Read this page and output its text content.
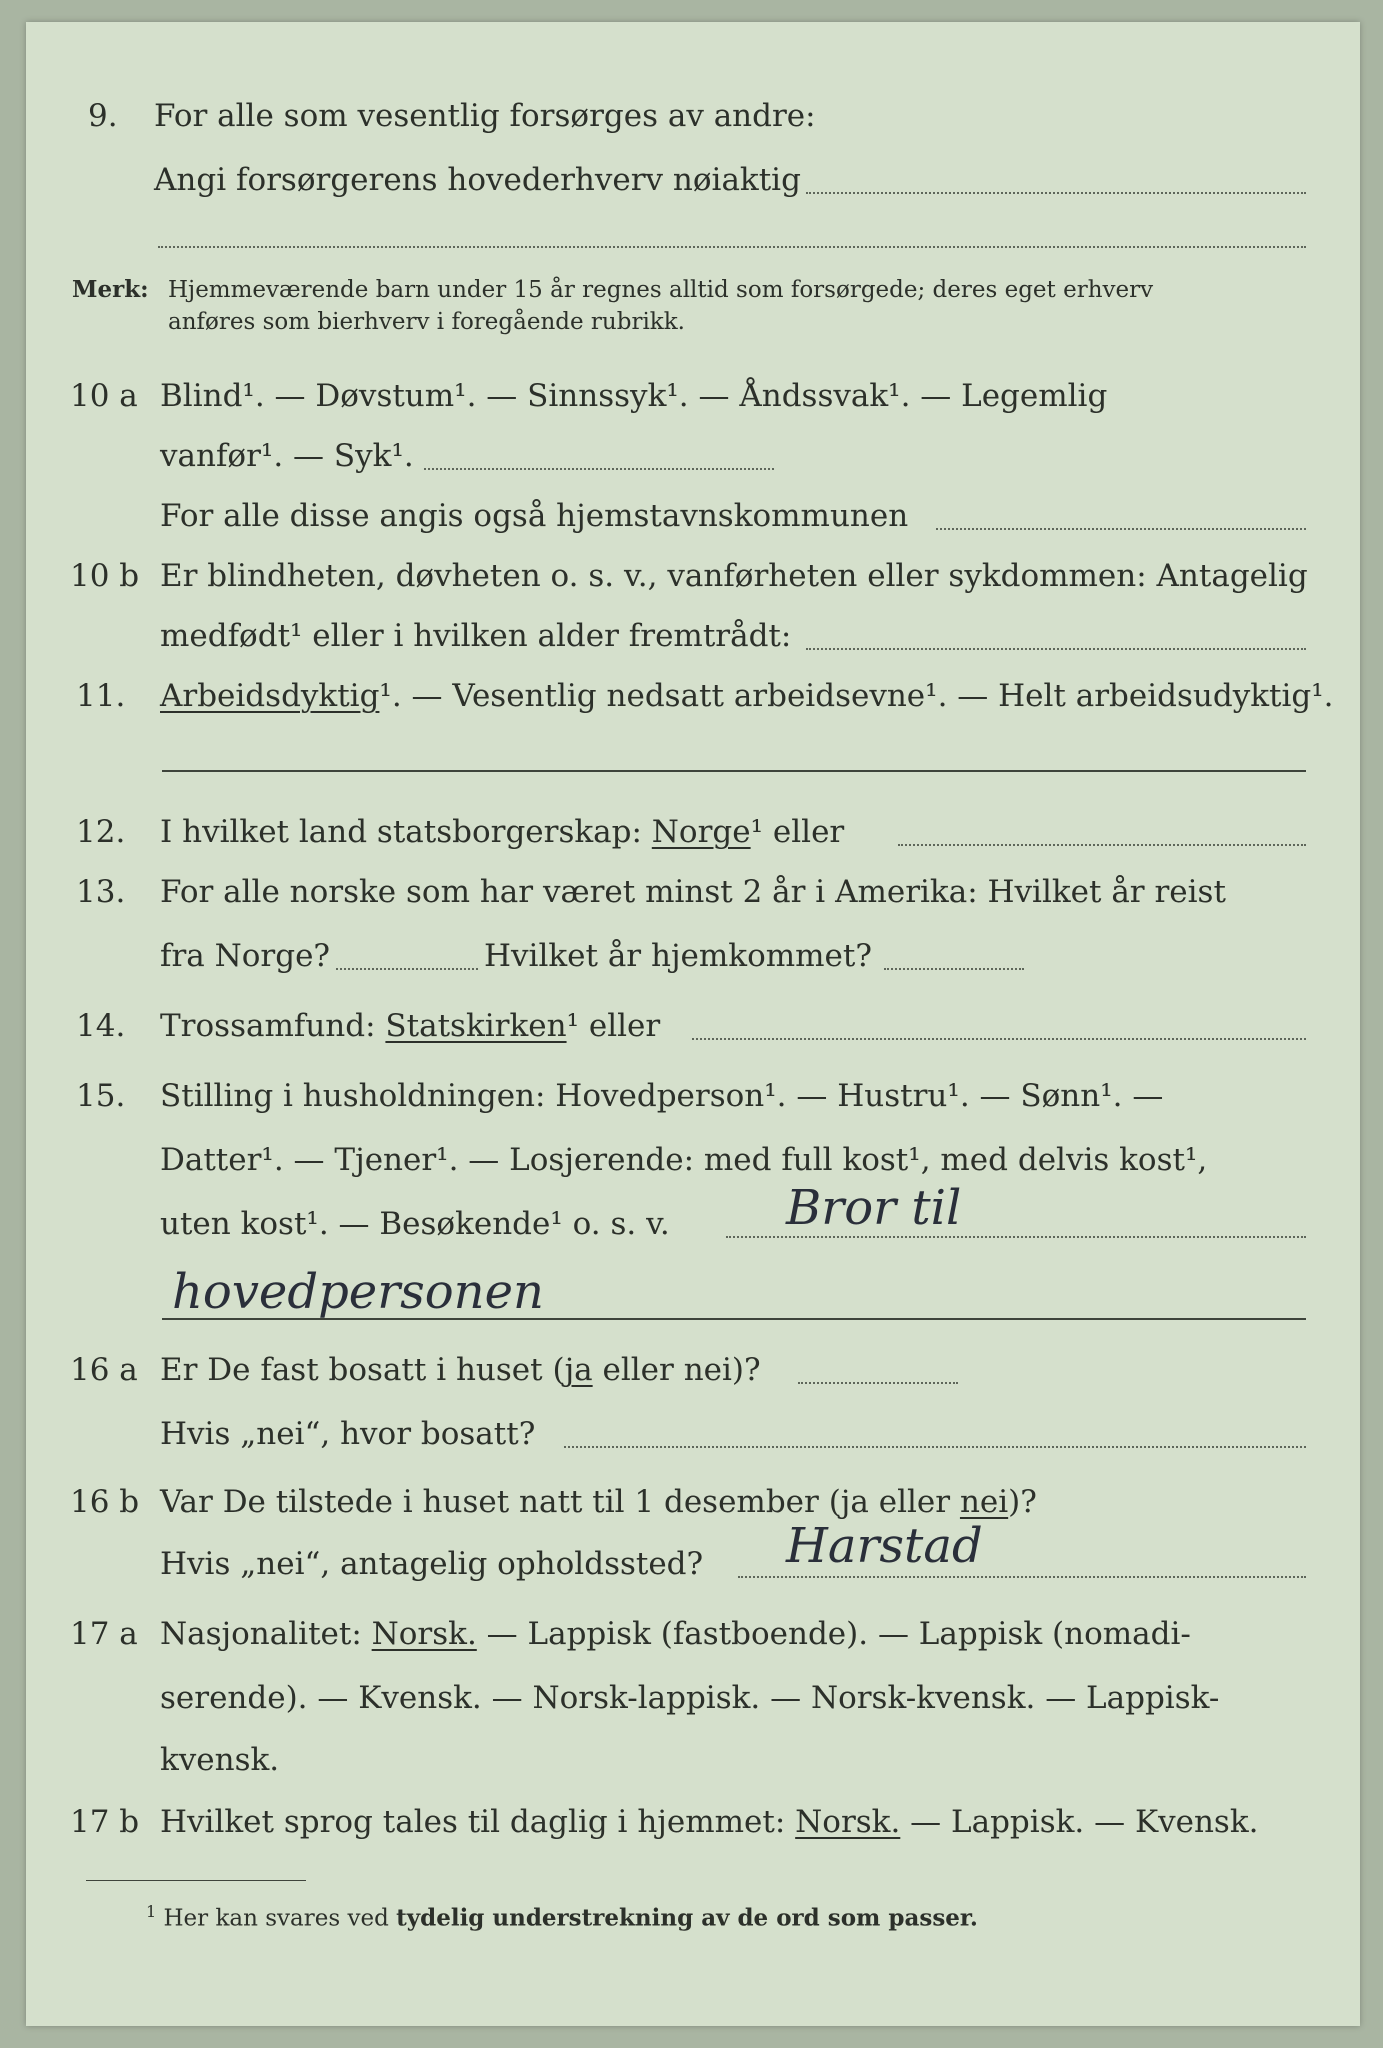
9. For alle som vesentlig forsørges av andre:
Angi forsørgerens hovederhverv nøiaktig
Merk: Hjemmeværende barn under 15 år regnes alltid som forsørgede; deres eget erhverv
anføres som bierhverv i foregående rubrikk.
10 a Blind¹. — Døvstum¹. — Sinnssyk¹. — Åndssvak¹. — Legemlig
vanfør¹. — Syk¹.
For alle disse angis også hjemstavnskommunen
10 b Er blindheten, døvheten o. s. v., vanførheten eller sykdommen: Antagelig
medfødt¹ eller i hvilken alder fremtrådt:
11. Arbeidsdyktig¹. — Vesentlig nedsatt arbeidsevne¹. — Helt arbeidsudyktig¹.
12. I hvilket land statsborgerskap: Norge¹ eller
13. For alle norske som har været minst 2 år i Amerika: Hvilket år reist
fra Norge?	Hvilket år hjemkommet?
14. Trossamfund: Statskirken¹ eller
15. Stilling i husholdningen: Hovedperson¹. — Hustru¹. — Sønn¹. —
Datter¹. — Tjener¹. — Losjerende: med full kost¹, med delvis kost¹,
uten kost¹. — Besøkende¹ o. s. v. Bror til
hovedpersonen
16 a Er De fast bosatt i huset (ja eller nei)?
Hvis „nei“, hvor bosatt?
16 b Var De tilstede i huset natt til 1 desember (ja eller nei)?
Hvis „nei“, antagelig opholdssted? Harstad
17 a Nasjonalitet: Norsk. — Lappisk (fastboende). — Lappisk (nomadi-
serende). — Kvensk. — Norsk-lappisk. — Norsk-kvensk. — Lappisk-
kvensk.
17 b Hvilket sprog tales til daglig i hjemmet: Norsk. — Lappisk. — Kvensk.
$^1$ Her kan svares ved tydelig understrekning av de ord som passer.
